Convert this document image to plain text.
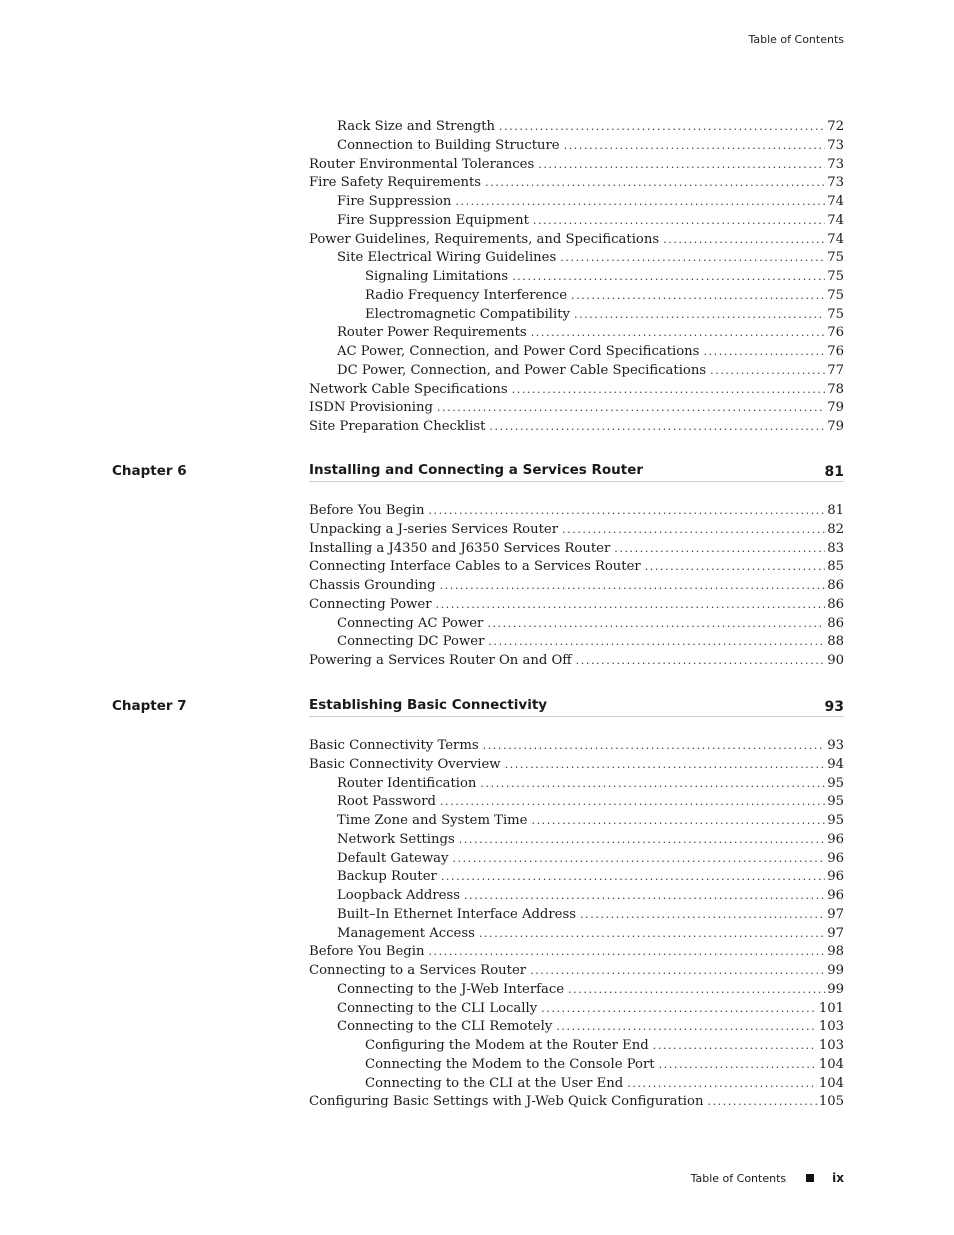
Table of Contents
Rack Size and Strength .....	72
Connection to Building Structure .....	73
Router Environmental Tolerances .....	73
Fire Safety Requirements .....	73
Fire Suppression .....	74
Fire Suppression Equipment .....	74
Power Guidelines, Requirements, and Specifications .....	74
Site Electrical Wiring Guidelines .....	75
Signaling Limitations .....	75
Radio Frequency Interference .....	75
Electromagnetic Compatibility .....	75
Router Power Requirements .....	76
AC Power, Connection, and Power Cord Specifications .....	76
DC Power, Connection, and Power Cable Specifications .....	77
Network Cable Specifications .....	78
ISDN Provisioning .....	79
Site Preparation Checklist .....	79
Chapter 6	Installing and Connecting a Services Router	81
Before You Begin .....	81
Unpacking a J-series Services Router .....	82
Installing a J4350 and J6350 Services Router .....	83
Connecting Interface Cables to a Services Router .....	85
Chassis Grounding .....	86
Connecting Power .....	86
Connecting AC Power .....	86
Connecting DC Power .....	88
Powering a Services Router On and Off .....	90
Chapter 7	Establishing Basic Connectivity	93
Basic Connectivity Terms .....	93
Basic Connectivity Overview .....	94
Router Identification .....	95
Root Password .....	95
Time Zone and System Time .....	95
Network Settings .....	96
Default Gateway .....	96
Backup Router .....	96
Loopback Address .....	96
Built–In Ethernet Interface Address .....	97
Management Access .....	97
Before You Begin .....	98
Connecting to a Services Router .....	99
Connecting to the J-Web Interface .....	99
Connecting to the CLI Locally .....	101
Connecting to the CLI Remotely .....	103
Configuring the Modem at the Router End .....	103
Connecting the Modem to the Console Port .....	104
Connecting to the CLI at the User End .....	104
Configuring Basic Settings with J-Web Quick Configuration .....	105
Table of Contents	ix
